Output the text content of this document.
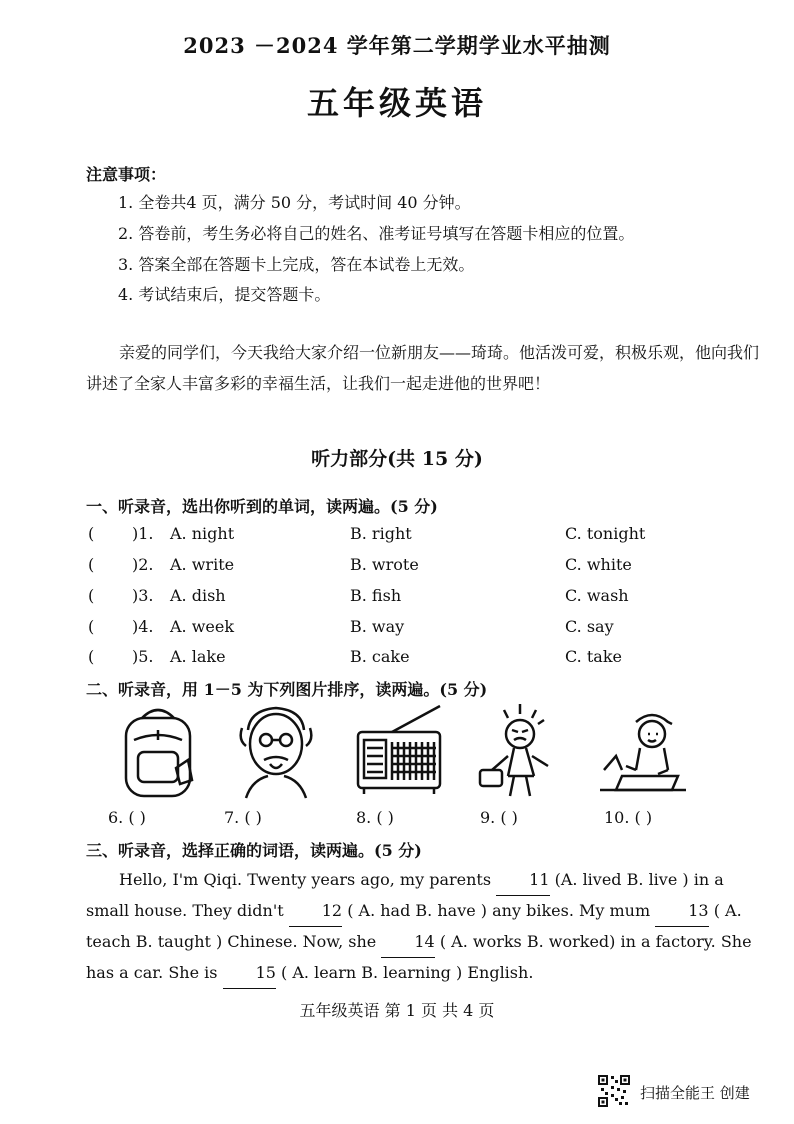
2023 －2024 学年第二学期学业水平抽测
五年级英语
注意事项：
1. 全卷共4 页，满分 50 分，考试时间 40 分钟。
2. 答卷前，考生务必将自己的姓名、准考证号填写在答题卡相应的位置。
3. 答案全部在答题卡上完成，答在本试卷上无效。
4. 考试结束后，提交答题卡。
亲爱的同学们，今天我给大家介绍一位新朋友——琦琦。他活泼可爱，积极乐观，他向我们讲述了全家人丰富多彩的幸福生活，让我们一起走进他的世界吧！
听力部分(共 15 分)
一、听录音，选出你听到的单词，读两遍。(5 分)
( )1. A. night	B. right	C. tonight
( )2. A. write	B. wrote	C. white
( )3. A. dish	B. fish	C. wash
( )4. A. week	B. way	C. say
( )5. A. lake	B. cake	C. take
二、听录音，用 1－5 为下列图片排序，读两遍。(5 分)
6. ( )	7. ( )	8. ( )	9. ( )	10. ( )
三、听录音，选择正确的词语，读两遍。(5 分)
Hello, I'm Qiqi. Twenty years ago, my parents 11 (A. lived B. live ) in a small house. They didn't 12 ( A. had B. have ) any bikes. My mum 13 ( A. teach B. taught ) Chinese. Now, she 14 ( A. works B. worked) in a factory. She has a car. She is 15 ( A. learn B. learning ) English.
五年级英语 第 1 页 共 4 页
扫描全能王 创建
